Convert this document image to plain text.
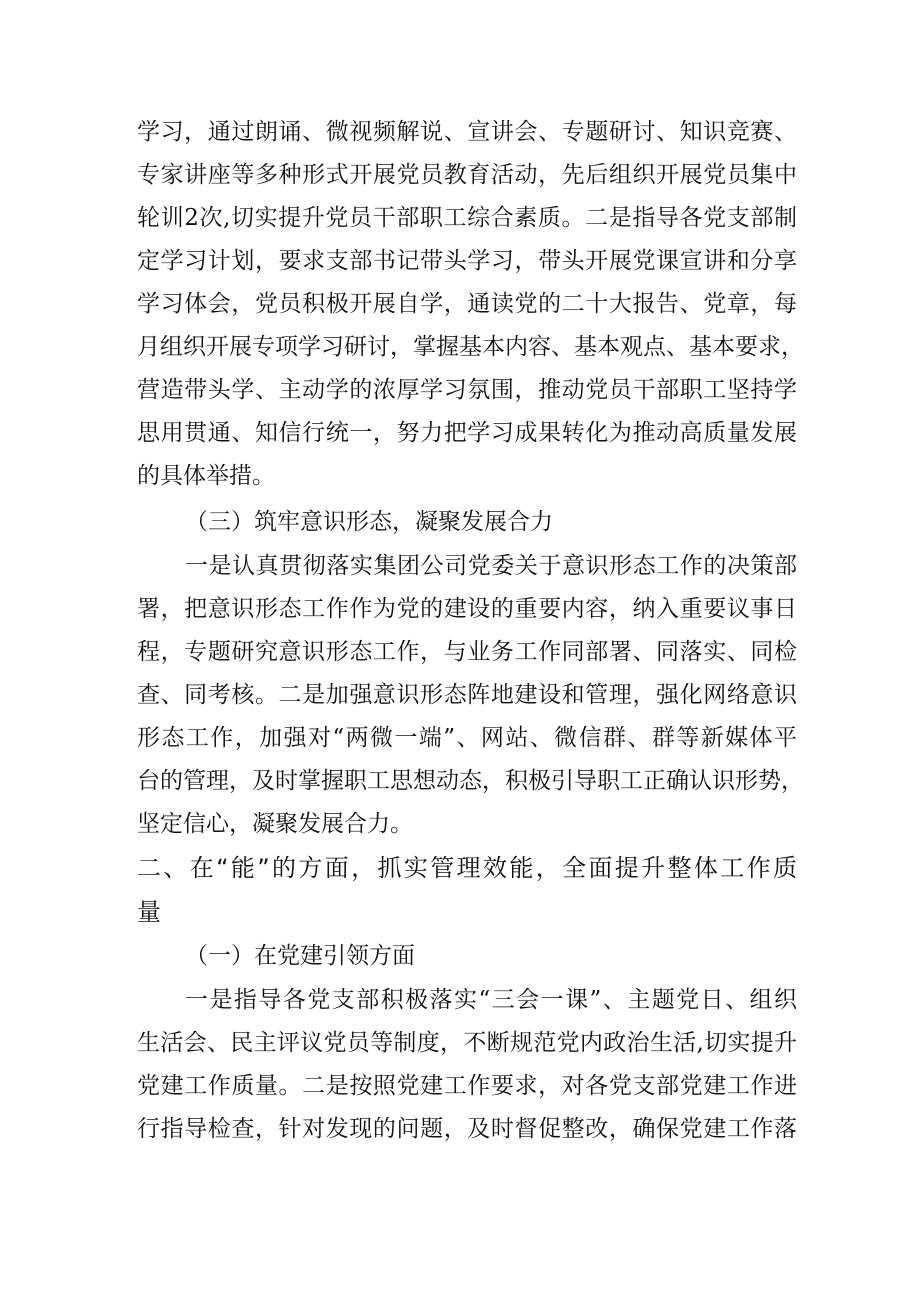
学习，通过朗诵、微视频解说、宣讲会、专题研讨、知识竞赛、
专家讲座等多种形式开展党员教育活动，先后组织开展党员集中
轮训2次,切实提升党员干部职工综合素质。二是指导各党支部制
定学习计划，要求支部书记带头学习，带头开展党课宣讲和分享
学习体会，党员积极开展自学，通读党的二十大报告、党章，每
月组织开展专项学习研讨，掌握基本内容、基本观点、基本要求，
营造带头学、主动学的浓厚学习氛围，推动党员干部职工坚持学
思用贯通、知信行统一，努力把学习成果转化为推动高质量发展
的具体举措。
（三）筑牢意识形态，凝聚发展合力
一是认真贯彻落实集团公司党委关于意识形态工作的决策部
署，把意识形态工作作为党的建设的重要内容，纳入重要议事日
程，专题研究意识形态工作，与业务工作同部署、同落实、同检
查、同考核。二是加强意识形态阵地建设和管理，强化网络意识
形态工作，加强对“两微一端”、网站、微信群、群等新媒体平
台的管理，及时掌握职工思想动态，积极引导职工正确认识形势，
坚定信心，凝聚发展合力。
二、在“能”的方面，抓实管理效能，全面提升整体工作质
量
（一）在党建引领方面
一是指导各党支部积极落实“三会一课”、主题党日、组织
生活会、民主评议党员等制度，不断规范党内政治生活,切实提升
党建工作质量。二是按照党建工作要求，对各党支部党建工作进
行指导检查，针对发现的问题，及时督促整改，确保党建工作落
